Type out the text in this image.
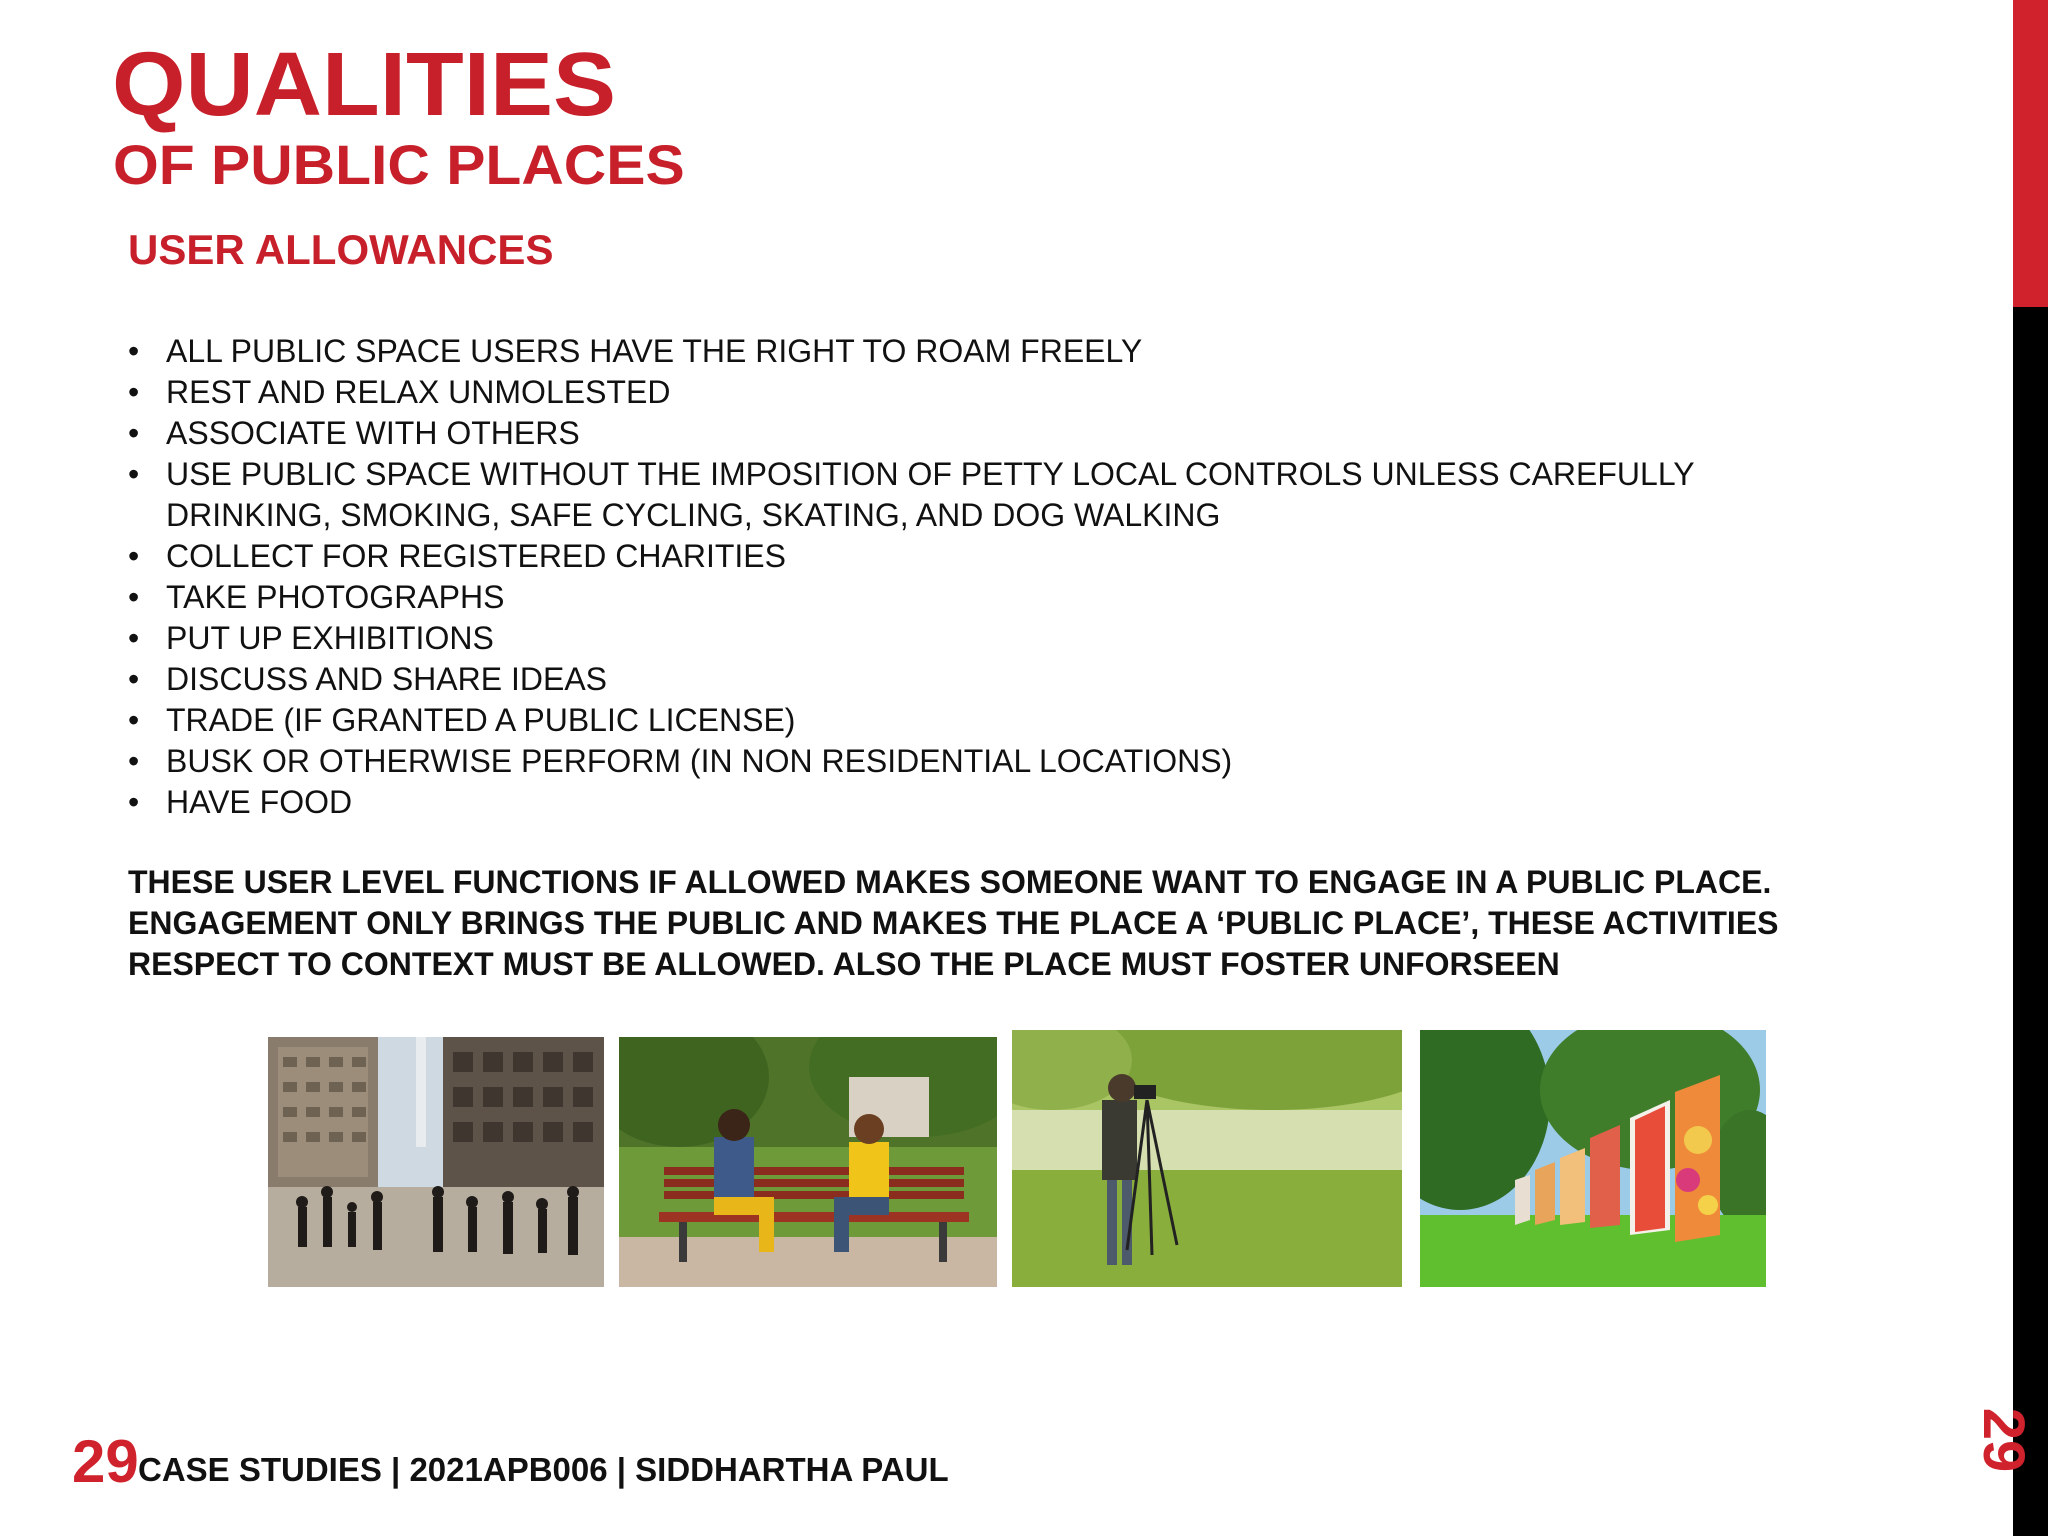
29
QUALITIES
OF PUBLIC PLACES
USER ALLOWANCES
• ALL PUBLIC SPACE USERS HAVE THE RIGHT TO ROAM FREELY
• REST AND RELAX UNMOLESTED
• ASSOCIATE WITH OTHERS
• USE PUBLIC SPACE WITHOUT THE IMPOSITION OF PETTY LOCAL CONTROLS UNLESS CAREFULLY DRINKING, SMOKING, SAFE CYCLING, SKATING, AND DOG WALKING
• COLLECT FOR REGISTERED CHARITIES
• TAKE PHOTOGRAPHS
• PUT UP EXHIBITIONS
• DISCUSS AND SHARE IDEAS
• TRADE (IF GRANTED A PUBLIC LICENSE)
• BUSK OR OTHERWISE PERFORM (IN NON RESIDENTIAL LOCATIONS)
• HAVE FOOD
THESE USER LEVEL FUNCTIONS IF ALLOWED MAKES SOMEONE WANT TO ENGAGE IN A PUBLIC PLACE.
ENGAGEMENT ONLY BRINGS THE PUBLIC AND MAKES THE PLACE A ‘PUBLIC PLACE’, THESE ACTIVITIES
RESPECT TO CONTEXT MUST BE ALLOWED. ALSO THE PLACE MUST FOSTER UNFORSEEN
29 CASE STUDIES | 2021APB006 | SIDDHARTHA PAUL
